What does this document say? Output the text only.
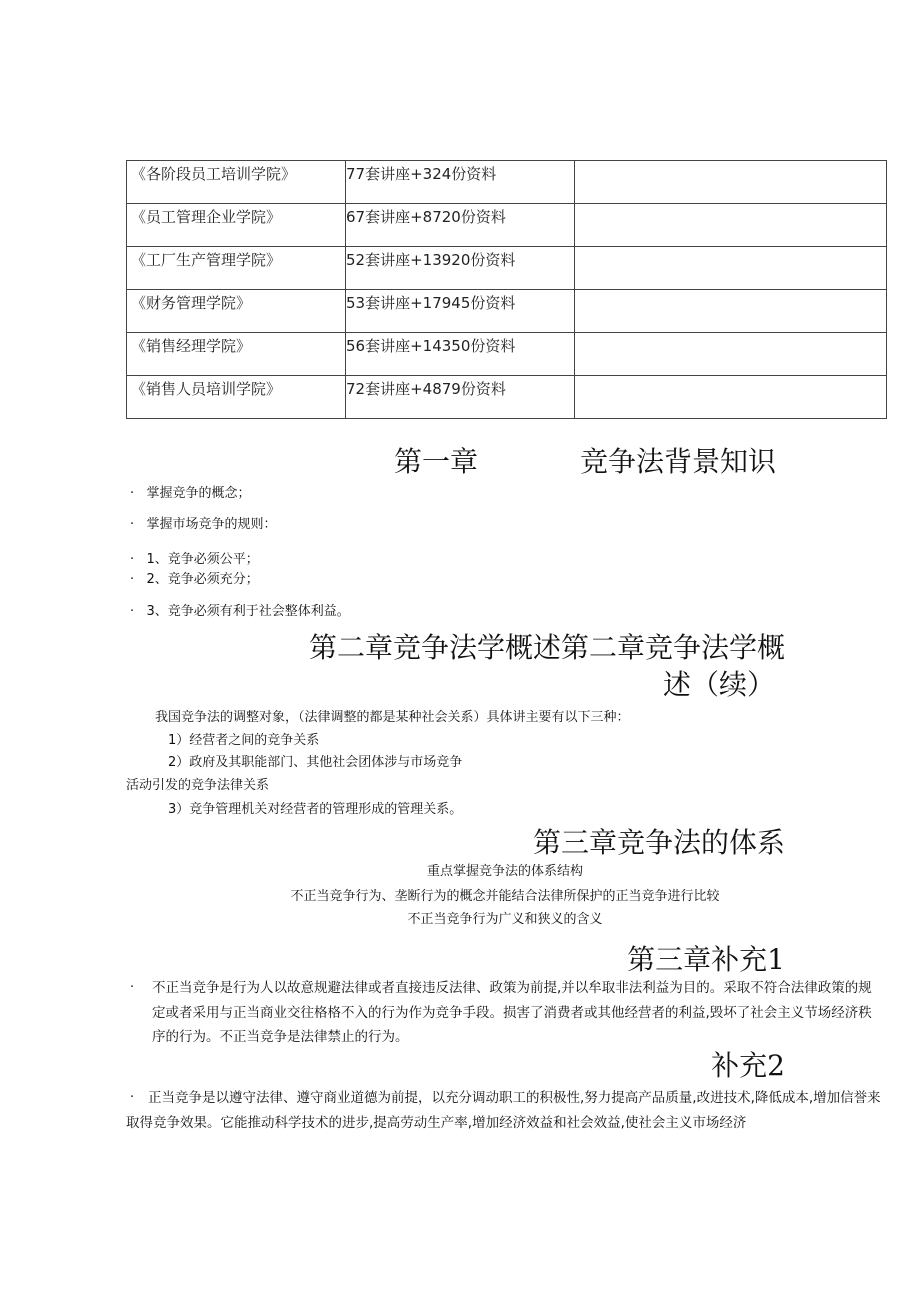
《各阶段员工培训学院》	77套讲座+324份资料	
《员工管理企业学院》	67套讲座+8720份资料	
《工厂生产管理学院》	52套讲座+13920份资料	
《财务管理学院》	53套讲座+17945份资料	
《销售经理学院》	56套讲座+14350份资料	
《销售人员培训学院》	72套讲座+4879份资料	
第一章	竞争法背景知识
·   掌握竞争的概念；
·   掌握市场竞争的规则：
·   1、竞争必须公平；
·   2、竞争必须充分；
·   3、竞争必须有利于社会整体利益。
第二章竞争法学概述第二章竞争法学概
述（续）
我国竞争法的调整对象，（法律调整的都是某种社会关系）具体讲主要有以下三种：
1）经营者之间的竞争关系
2）政府及其职能部门、其他社会团体涉与市场竞争
活动引发的竞争法律关系
3）竞争管理机关对经营者的管理形成的管理关系。
第三章竞争法的体系
重点掌握竞争法的体系结构
不正当竞争行为、垄断行为的概念并能结合法律所保护的正当竞争进行比较
不正当竞争行为广义和狭义的含义
第三章补充1
· 不正当竞争是行为人以故意规避法律或者直接违反法律、政策为前提,并以牟取非法利益为目的。采取不符合法律政策的规定或者采用与正当商业交往格格不入的行为作为竞争手段。损害了消费者或其他经营者的利益,毁坏了社会主义节场经济秩序的行为。不正当竞争是法律禁止的行为。
补充2
·	正当竞争是以遵守法律、遵守商业道德为前提，以充分调动职工的积极性,努力提高产品质量,改进技术,降低成本,增加信誉来取得竞争效果。它能推动科学技术的进步,提高劳动生产率,增加经济效益和社会效益,使社会主义市场经济
